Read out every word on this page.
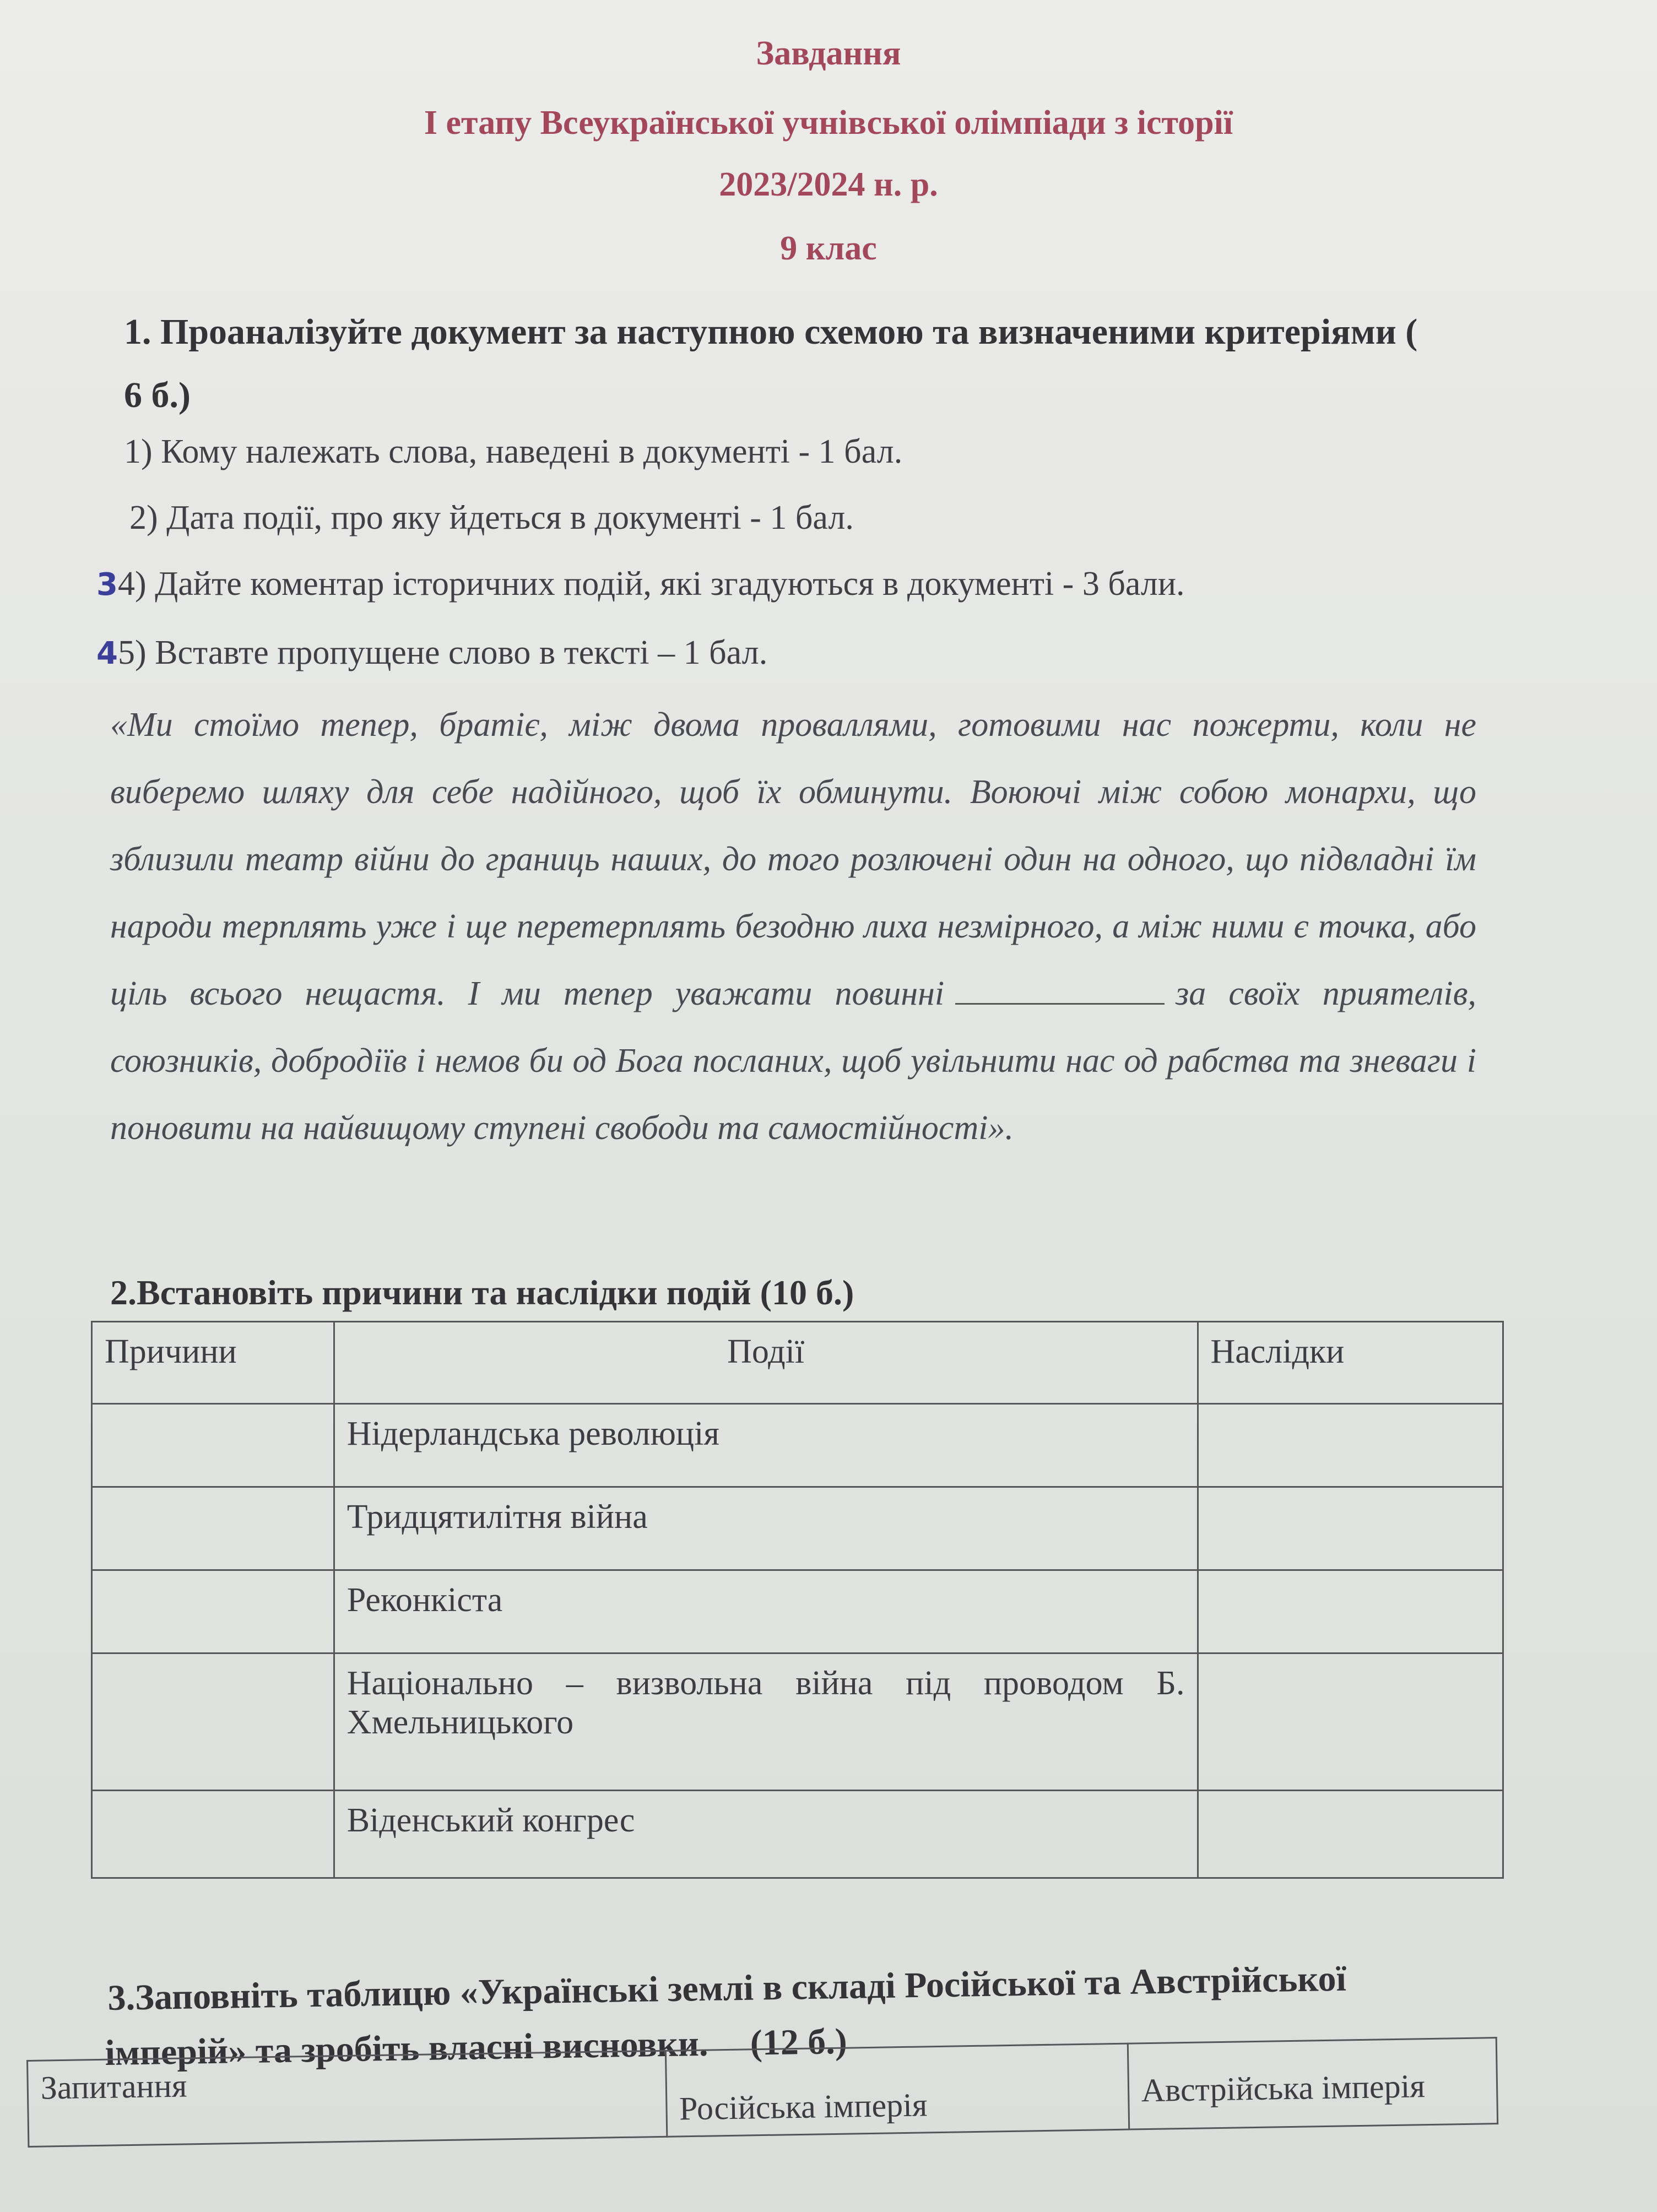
Завдання
І етапу Всеукраїнської учнівської олімпіади з історії
2023/2024 н. р.
9 клас
1. Проаналізуйте документ за наступною схемою та визначеними критеріями (
6 б.)
1) Кому належать слова, наведені в документі - 1 бал.
2) Дата події, про яку йдеться в документі - 1 бал.
34) Дайте коментар історичних подій, які згадуються в документі - 3 бали.
45) Вставте пропущене слово в тексті – 1 бал.
«Ми стоїмо тепер, братіє, між двома проваллями, готовими нас пожерти, коли не виберемо шляху для себе надійного, щоб їх обминути. Воюючі між собою монархи, що зблизили театр війни до границь наших, до того розлючені один на одного, що підвладні їм народи терплять уже і ще перетерплять безодню лиха незмірного, а між ними є точка, або ціль всього нещастя. І ми тепер уважати повинні	за своїх приятелів, союзників, добродіїв і немов би од Бога посланих, щоб увільнити нас од рабства та зневаги і поновити на найвищому ступені свободи та самостійності».
2.Встановіть причини та наслідки подій (10 б.)
Причини	Події	Наслідки
	Нідерландська революція	
	Тридцятилітня війна	
	Реконкіста	
	Національно – визвольна війна під проводом Б. Хмельницького	
	Віденський конгрес	
3.Заповніть таблицю «Українські землі в складі Російської та Австрійської
імперій» та зробіть власні висновки. (12 б.)
Запитання	Російська імперія	Австрійська імперія
